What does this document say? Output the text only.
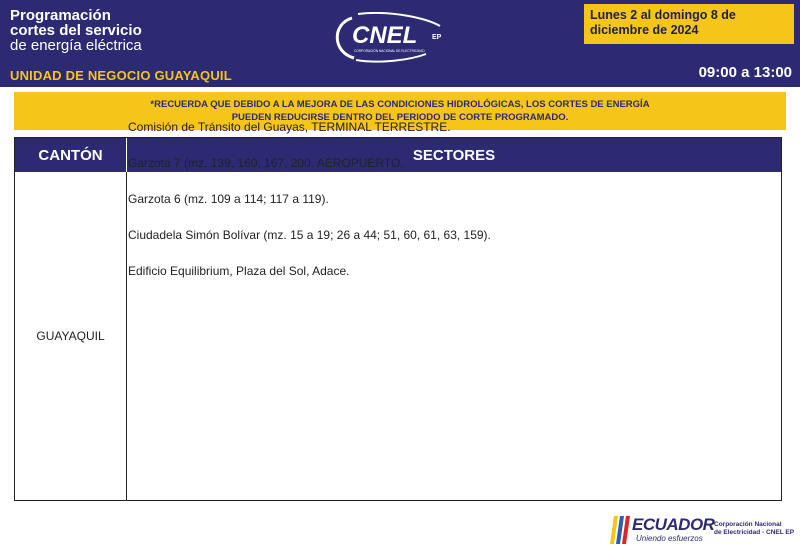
Programación
cortes del servicio
de energía eléctrica
UNIDAD DE NEGOCIO GUAYAQUIL
CNEL EP
CORPORACIÓN NACIONAL DE ELECTRICIDAD
Lunes 2 al domingo 8 de diciembre de 2024
09:00 a 13:00
*RECUERDA QUE DEBIDO A LA MEJORA DE LAS CONDICIONES HIDROLÓGICAS, LOS CORTES DE ENERGÍA
PUEDEN REDUCIRSE DENTRO DEL PERIODO DE CORTE PROGRAMADO.
CANTÓN	SECTORES
GUAYAQUIL
Comisión de Tránsito del Guayas, TERMINAL TERRESTRE.
Garzota 7 (mz. 139, 160, 167, 200. AEROPUERTO.
Garzota 6 (mz. 109 a 114; 117 a 119).
Ciudadela Simón Bolívar (mz. 15 a 19; 26 a 44; 51, 60, 61, 63, 159).
Edificio Equilibrium, Plaza del Sol, Adace.
ECUADOR
Uniendo esfuerzos
Corporación Nacional
de Electricidad - CNEL EP
